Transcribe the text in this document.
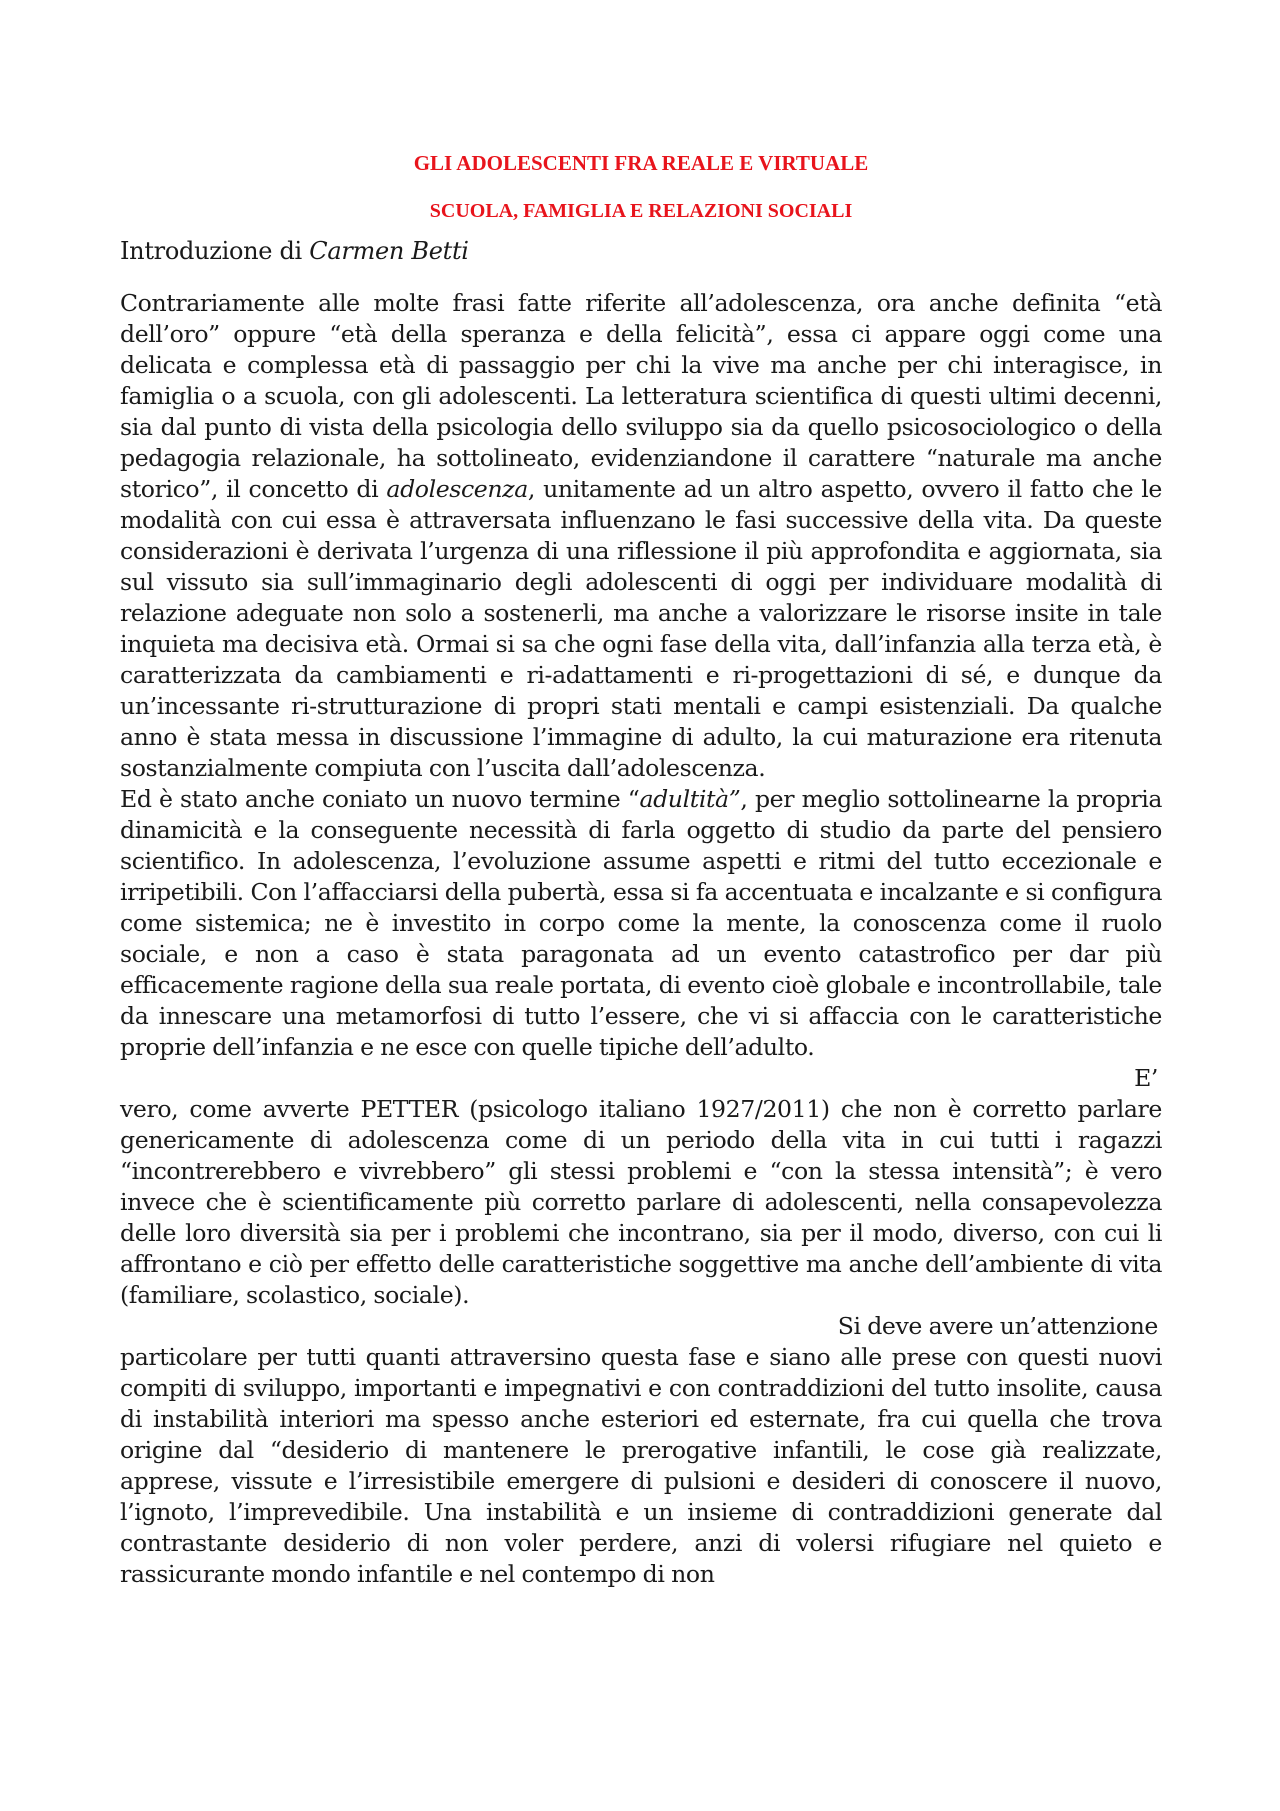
GLI ADOLESCENTI FRA REALE E VIRTUALE
SCUOLA, FAMIGLIA E RELAZIONI SOCIALI

Introduzione di Carmen Betti

Contrariamente alle molte frasi fatte riferite all’adolescenza, ora anche definita “età dell’oro” oppure “età della speranza e della felicità”, essa ci appare oggi come una delicata e complessa età di passaggio per chi la vive ma anche per chi interagisce, in famiglia o a scuola, con gli adolescenti. La letteratura scientifica di questi ultimi decenni, sia dal punto di vista della psicologia dello sviluppo sia da quello psicosociologico o della pedagogia relazionale, ha sottolineato, evidenziandone il carattere “naturale ma anche storico”, il concetto di adolescenza, unitamente ad un altro aspetto, ovvero il fatto che le modalità con cui essa è attraversata influenzano le fasi successive della vita. Da queste considerazioni è derivata l’urgenza di una riflessione il più approfondita e aggiornata, sia sul vissuto sia sull’immaginario degli adolescenti di oggi per individuare modalità di relazione adeguate non solo a sostenerli, ma anche a valorizzare le risorse insite in tale inquieta ma decisiva età. Ormai si sa che ogni fase della vita, dall’infanzia alla terza età, è caratterizzata da cambiamenti e ri-adattamenti e ri-progettazioni di sé, e dunque da un’incessante ri-strutturazione di propri stati mentali e campi esistenziali. Da qualche anno è stata messa in discussione l’immagine di adulto, la cui maturazione era ritenuta sostanzialmente compiuta con l’uscita dall’adolescenza.

Ed è stato anche coniato un nuovo termine “adultità”, per meglio sottolinearne la propria dinamicità e la conseguente necessità di farla oggetto di studio da parte del pensiero scientifico. In adolescenza, l’evoluzione assume aspetti e ritmi del tutto eccezionale e irripetibili. Con l’affacciarsi della pubertà, essa si fa accentuata e incalzante e si configura come sistemica; ne è investito in corpo come la mente, la conoscenza come il ruolo sociale, e non a caso è stata paragonata ad un evento catastrofico per dar più efficacemente ragione della sua reale portata, di evento cioè globale e incontrollabile, tale da innescare una metamorfosi di tutto l’essere, che vi si affaccia con le caratteristiche proprie dell’infanzia e ne esce con quelle tipiche dell’adulto.

E’

vero, come avverte PETTER (psicologo italiano 1927/2011) che non è corretto parlare genericamente di adolescenza come di un periodo della vita in cui tutti i ragazzi “incontrerebbero e vivrebbero” gli stessi problemi e “con la stessa intensità”; è vero invece che è scientificamente più corretto parlare di adolescenti, nella consapevolezza delle loro diversità sia per i problemi che incontrano, sia per il modo, diverso, con cui li affrontano e ciò per effetto delle caratteristiche soggettive ma anche dell’ambiente di vita (familiare, scolastico, sociale).

Si deve avere un’attenzione

particolare per tutti quanti attraversino questa fase e siano alle prese con questi nuovi compiti di sviluppo, importanti e impegnativi e con contraddizioni del tutto insolite, causa di instabilità interiori ma spesso anche esteriori ed esternate, fra cui quella che trova origine dal “desiderio di mantenere le prerogative infantili, le cose già realizzate, apprese, vissute e l’irresistibile emergere di pulsioni e desideri di conoscere il nuovo, l’ignoto, l’imprevedibile. Una instabilità e un insieme di contraddizioni generate dal contrastante desiderio di non voler perdere, anzi di volersi rifugiare nel quieto e rassicurante mondo infantile e nel contempo di non
